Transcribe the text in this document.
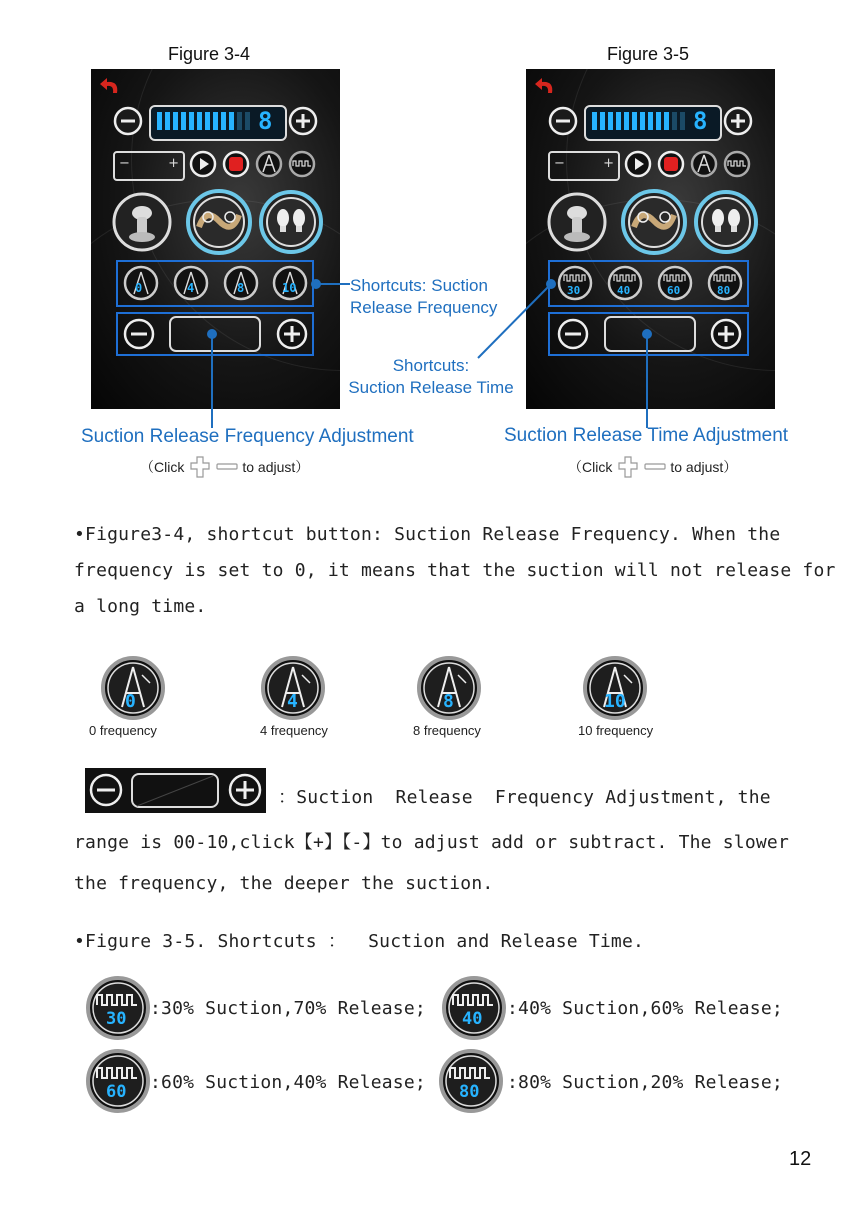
Figure 3-4	Figure 3-5
8
−	+
0	4	8	10
8
−	+
30	40	60	80
Shortcuts: Suction
Release Frequency
Shortcuts:
Suction Release Time
Suction Release Frequency Adjustment	Suction Release Time Adjustment
（Click	to adjust）	（Click	to adjust）
•Figure3-4, shortcut button: Suction Release Frequency. When the
frequency is set to 0, it means that the suction will not release for
a long time.
0
0 frequency
4
4 frequency
8
8 frequency
10
10 frequency
：Suction  Release  Frequency Adjustment, the
range is 00-10,click【+】【-】to adjust add or subtract. The slower
the frequency, the deeper the suction.
•Figure 3-5. Shortcuts ：  Suction and Release Time.
30 :30% Suction,70% Release; 40 :40% Suction,60% Release;
60 :60% Suction,40% Release; 80 :80% Suction,20% Release;
12
